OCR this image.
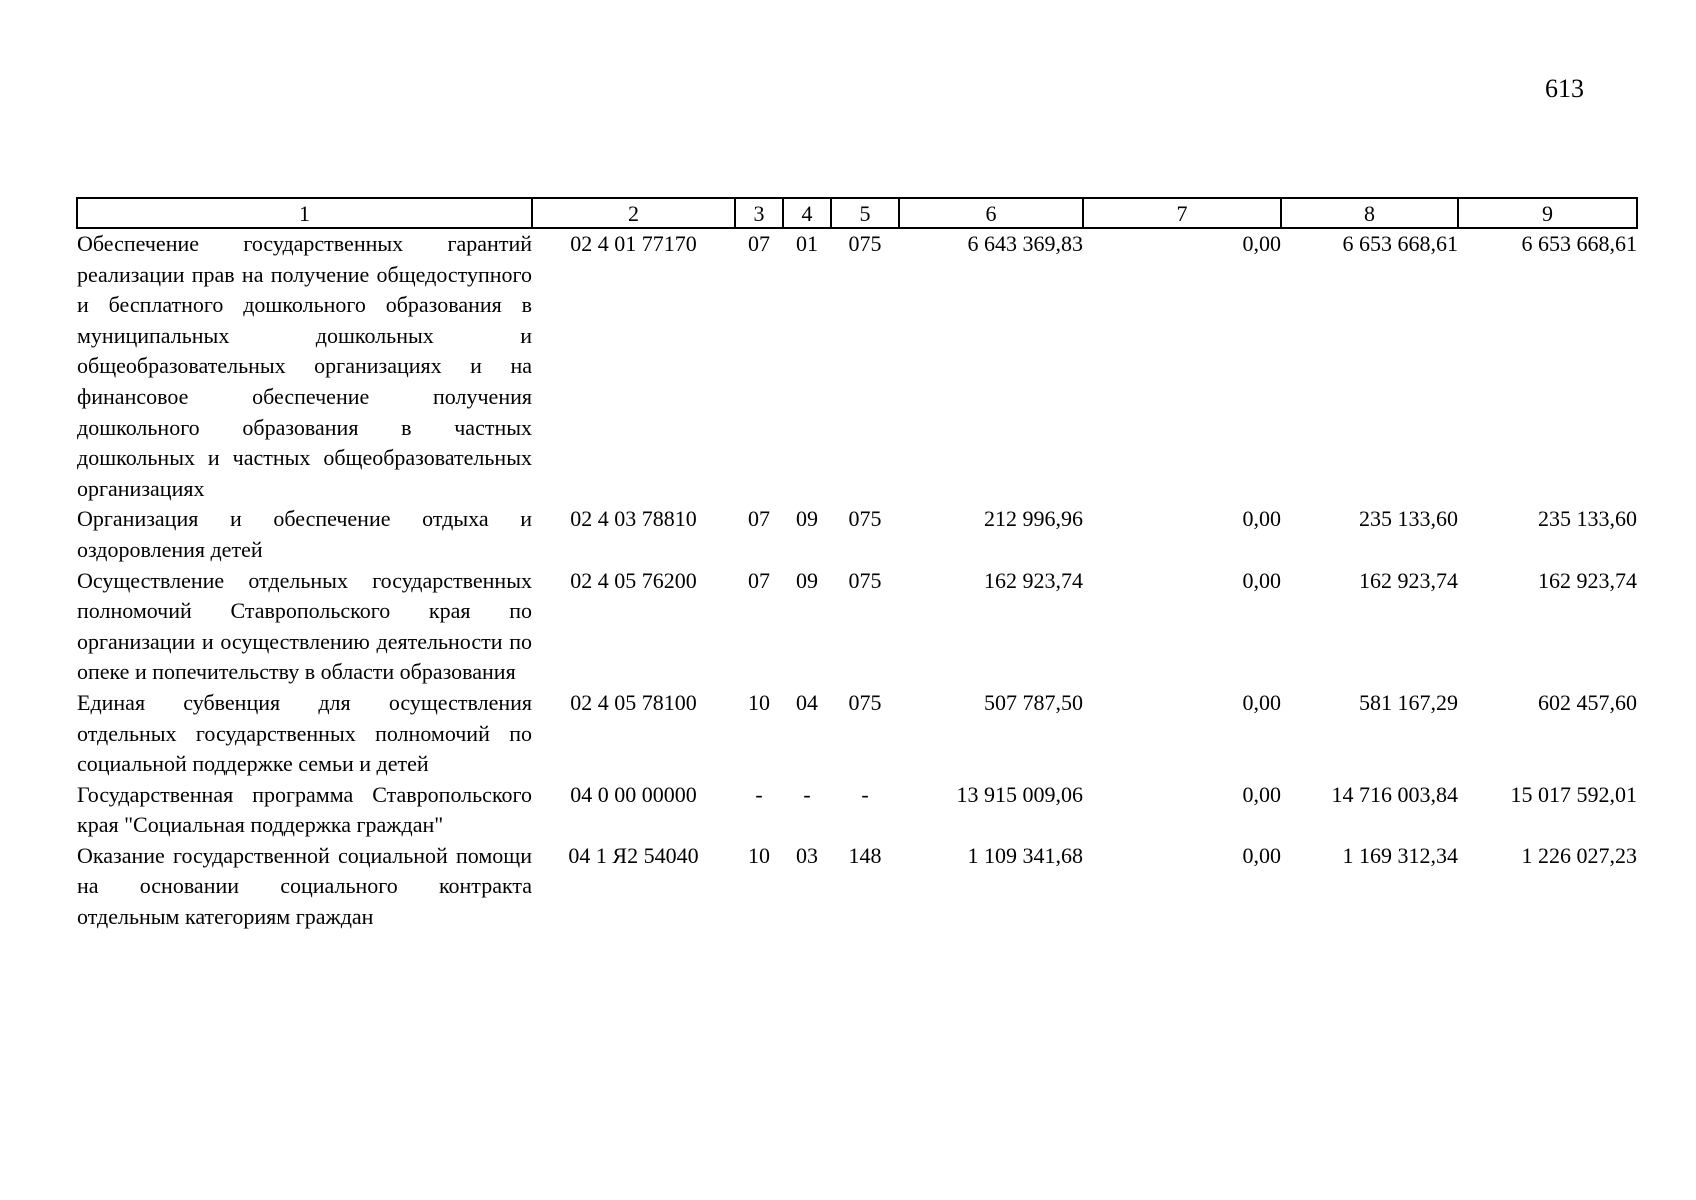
613
1	2	3	4	5	6	7	8	9
Обеспечение государственных гарантий реализации прав на получение общедоступного и бесплатного дошкольного образования в муниципальных дошкольных и общеобразовательных организациях и на финансовое обеспечение получения дошкольного образования в частных дошкольных и частных общеобразовательных организациях	02 4 01 77170	07	01	075	6 643 369,83	0,00	6 653 668,61	6 653 668,61
Организация и обеспечение отдыха и оздоровления детей	02 4 03 78810	07	09	075	212 996,96	0,00	235 133,60	235 133,60
Осуществление отдельных государственных полномочий Ставропольского края по организации и осуществлению деятельности по опеке и попечительству в области образования	02 4 05 76200	07	09	075	162 923,74	0,00	162 923,74	162 923,74
Единая субвенция для осуществления отдельных государственных полномочий по социальной поддержке семьи и детей	02 4 05 78100	10	04	075	507 787,50	0,00	581 167,29	602 457,60
Государственная программа Ставропольского края "Социальная поддержка граждан"	04 0 00 00000	-	-	-	13 915 009,06	0,00	14 716 003,84	15 017 592,01
Оказание государственной социальной помощи на основании социального контракта отдельным категориям граждан	04 1 Я2 54040	10	03	148	1 109 341,68	0,00	1 169 312,34	1 226 027,23
